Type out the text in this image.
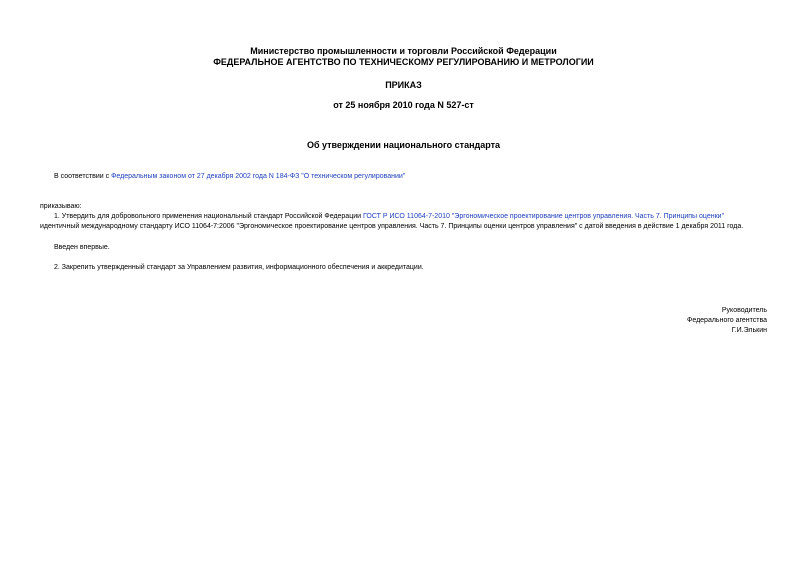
Министерство промышленности и торговли Российской Федерации
ФЕДЕРАЛЬНОЕ АГЕНТСТВО ПО ТЕХНИЧЕСКОМУ РЕГУЛИРОВАНИЮ И МЕТРОЛОГИИ
ПРИКАЗ
от 25 ноября 2010 года N 527-ст
Об утверждении национального стандарта
В соответствии с Федеральным законом от 27 декабря 2002 года N 184-ФЗ "О техническом регулировании"
приказываю:
1. Утвердить для добровольного применения национальный стандарт Российской Федерации ГОСТ Р ИСО 11064-7-2010 "Эргономическое проектирование центров управления. Часть 7. Принципы оценки"
идентичный международному стандарту ИСО 11064-7:2006 "Эргономическое проектирование центров управления. Часть 7. Принципы оценки центров управления" с датой введения в действие 1 декабря 2011 года.
Введен впервые.
2. Закрепить утвержденный стандарт за Управлением развития, информационного обеспечения и аккредитации.
Руководитель
Федерального агентства
Г.И.Элькин
